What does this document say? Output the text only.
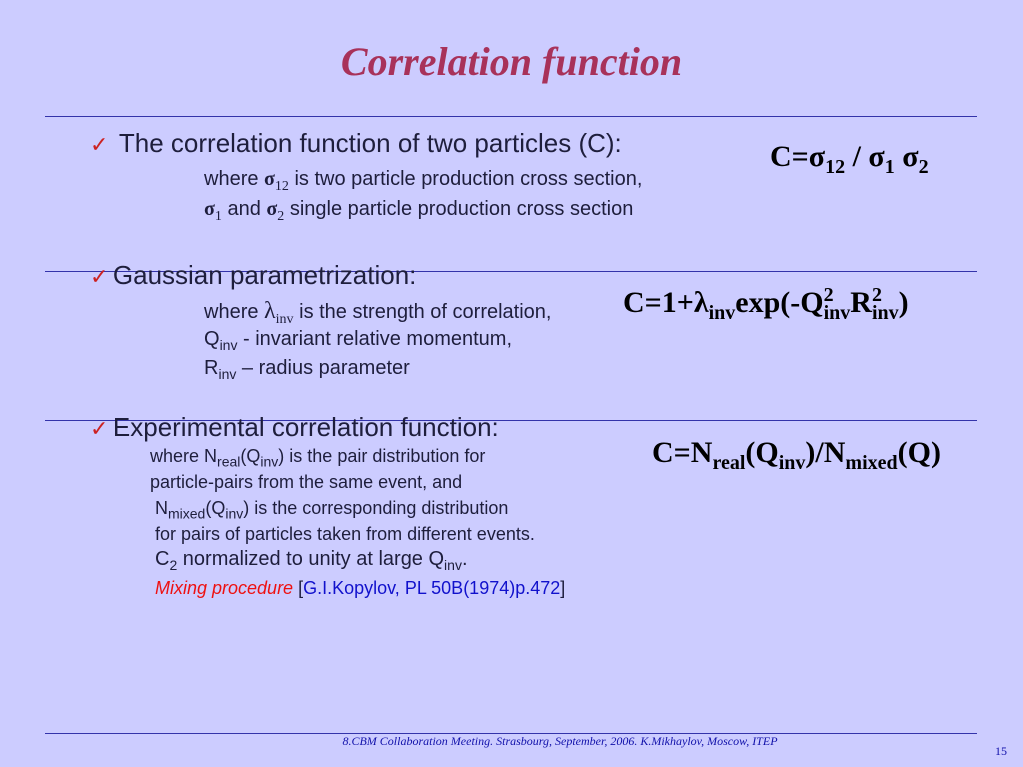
Correlation function
✓ The correlation function of two particles (C):
where $\sigma_{12}$ is two particle production cross section,
$\sigma_1$ and $\sigma_2$ single particle production cross section
$C=\sigma_{12} / \sigma_1$ $\sigma_2$
✓ Gaussian parametrization:
where $\lambda_{inv}$ is the strength of correlation,
$Q_{inv}$ - invariant relative momentum,
$R_{inv}$ – radius parameter
$C=1+\lambda_{inv}\exp(-Q^2_{inv}R^2_{inv})$
✓ Experimental correlation function:
where $N_{real}(Q_{inv})$ is the pair distribution for
particle-pairs from the same event, and
$N_{mixed}(Q_{inv})$ is the corresponding distribution
for pairs of particles taken from different events.
$C_2$ normalized to unity at large $Q_{inv}$.
Mixing procedure [G.I.Kopylov, PL 50B(1974)p.472]
$C=N_{real}(Q_{inv})/N_{mixed}(Q)$
8.CBM Collaboration Meeting. Strasbourg, September, 2006. K.Mikhaylov, Moscow, ITEP
15
